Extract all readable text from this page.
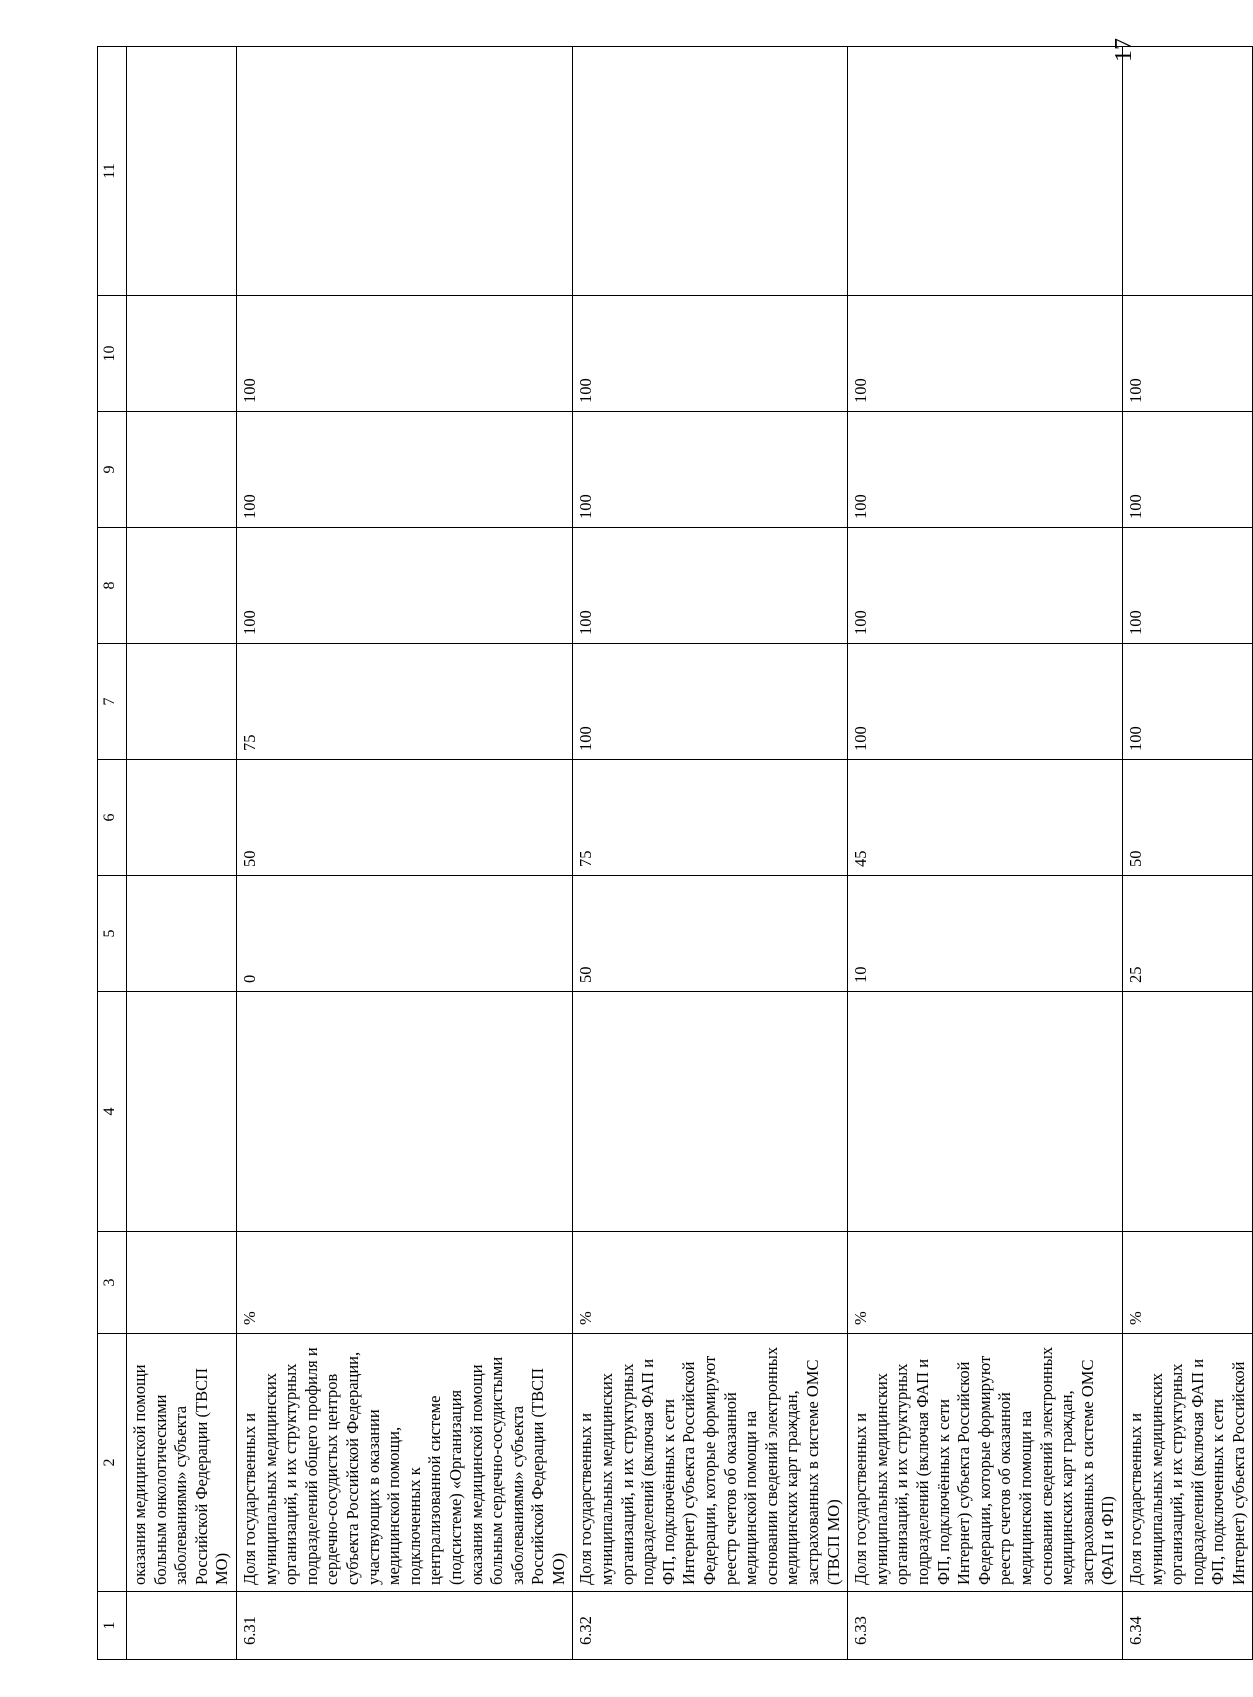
17
1	2	3	4	5	6	7	8	9	10	11
	оказания медицинской помощи больным онкологическими заболеваниями» субъекта Российской Федерации (ТВСП МО)									
6.31	Доля государственных и муниципальных медицинских организаций, и их структурных подразделений общего профиля и сердечно-сосудистых центров субъекта Российской Федерации, участвующих в оказании медицинской помощи, подключенных к централизованной системе (подсистеме) «Организация оказания медицинской помощи больным сердечно-сосудистыми заболеваниями» субъекта Российской Федерации (ТВСП МО)	%		0	50	75	100	100	100	
6.32	Доля государственных и муниципальных медицинских организаций, и их структурных подразделений (включая ФАП и ФП, подключённых к сети Интернет) субъекта Российской Федерации, которые формируют реестр счетов об оказанной медицинской помощи на основании сведений электронных медицинских карт граждан, застрахованных в системе ОМС (ТВСП МО)	%		50	75	100	100	100	100	
6.33	Доля государственных и муниципальных медицинских организаций, и их структурных подразделений (включая ФАП и ФП, подключённых к сети Интернет) субъекта Российской Федерации, которые формируют реестр счетов об оказанной медицинской помощи на основании сведений электронных медицинских карт граждан, застрахованных в системе ОМС (ФАП и ФП)	%		10	45	100	100	100	100	
6.34	Доля государственных и муниципальных медицинских организаций, и их структурных подразделений (включая ФАП и ФП, подключенных к сети Интернет) субъекта Российской	%		25	50	100	100	100	100	
